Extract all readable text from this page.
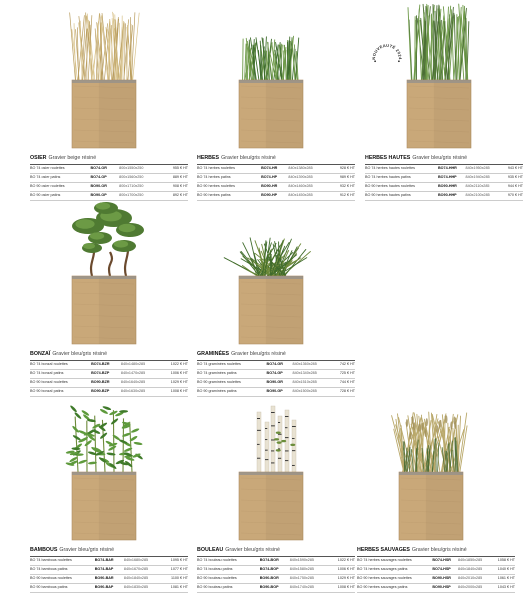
NOUVEAUTÉ 2024
OSIER Gravier beige résiné
BO 74 osier roulettes	BO74-OR	800x1550x250	955 € HT
BO 74 osier patins	BO74-OP	800x1560x250	889 € HT
BO 90 osier roulettes	BO90-OR	800x1710x250	908 € HT
BO 90 osier patins	BO90-OP	800x1700x250	892 € HT
HERBES Gravier bleu/gris résiné
BO 74 herbes roulettes	BO74-HR	840x1380x285	928 € HT
BO 74 herbes patins	BO74-HP	840x1390x285	989 € HT
BO 90 herbes roulettes	BO90-HR	840x1460x285	932 € HT
BO 90 herbes patins	BO90-HP	840x1450x285	912 € HT
HERBES HAUTES Gravier bleu/gris résiné
BO 74 herbes hautes roulettes	BO74-HHR	840x1950x285	943 € HT
BO 74 herbes hautes patins	BO74-HHP	840x1940x285	935 € HT
BO 90 herbes hautes roulettes	BO90-HHR	840x2110x285	944 € HT
BO 90 herbes hautes patins	BO90-HHP	840x2100x285	970 € HT
BONZAÏ Gravier bleu/gris résiné
BO 74 bonzaï roulettes	BO74-BZR	840x1480x285	1022 € HT
BO 74 bonzaï patins	BO74-BZP	840x1470x285	1006 € HT
BO 90 bonzaï roulettes	BO90-BZR	840x1640x285	1029 € HT
BO 90 bonzaï patins	BO90-BZP	840x1630x285	1008 € HT
GRAMINÉES Gravier bleu/gris résiné
BO 74 graminées roulettes	BO74-GR	840x1360x285	742 € HT
BO 74 graminées patins	BO74-GP	840x1340x285	725 € HT
BO 90 graminées roulettes	BO90-GR	840x1510x285	744 € HT
BO 90 graminées patins	BO90-GP	840x1500x285	728 € HT
BAMBOUS Gravier bleu/gris résiné
BO 74 bambous roulettes	BO74-BAR	840x1680x285	1095 € HT
BO 74 bambous patins	BO74-BAP	840x1670x285	1077 € HT
BO 90 bambous roulettes	BO90-BAR	840x1840x285	1100 € HT
BO 90 bambous patins	BO90-BAP	840x1830x285	1081 € HT
BOULEAU Gravier bleu/gris résiné
BO 74 bouleau roulettes	BO74-BOR	840x1590x285	1022 € HT
BO 74 bouleau patins	BO74-BOP	840x1580x285	1006 € HT
BO 90 bouleau roulettes	BO90-BOR	840x1750x285	1029 € HT
BO 90 bouleau patins	BO90-BOP	840x1740x285	1008 € HT
HERBES SAUVAGES Gravier bleu/gris résiné
BO 74 herbes sauvages roulettes	BO74-HSR	840x1850x285	1058 € HT
BO 74 herbes sauvages patins	BO74-HSP	840x1840x285	1040 € HT
BO 90 herbes sauvages roulettes	BO90-HSR	840x2010x285	1061 € HT
BO 90 herbes sauvages patins	BO90-HSP	840x2000x285	1043 € HT
